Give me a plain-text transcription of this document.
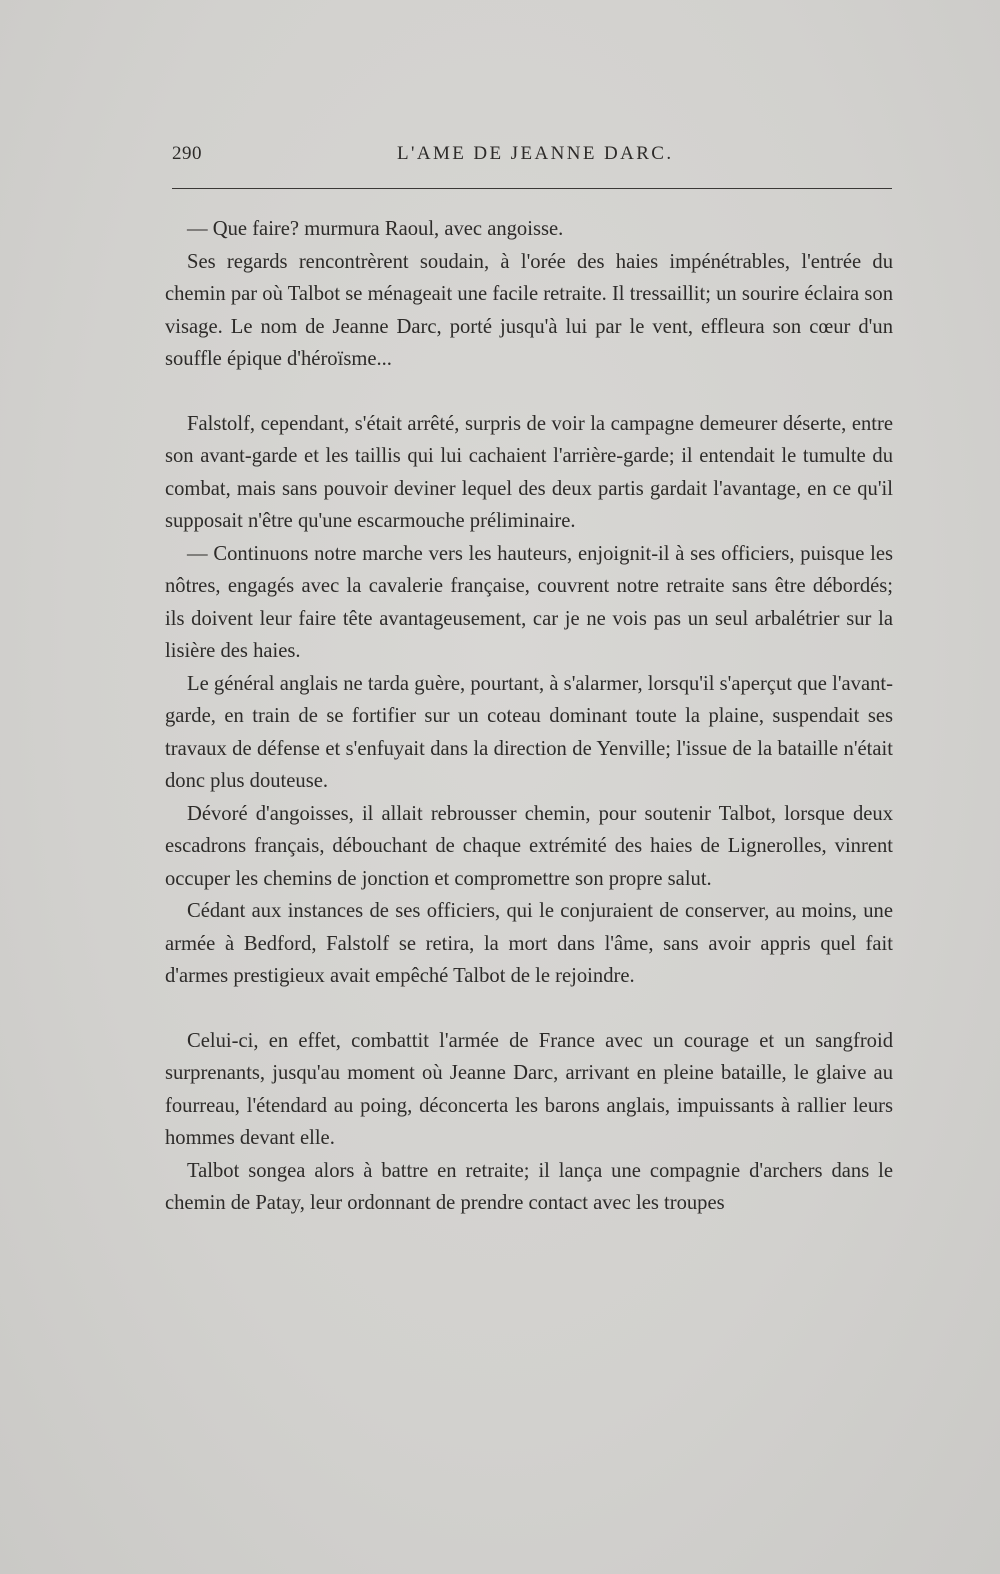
290	L'AME DE JEANNE DARC.

— Que faire? murmura Raoul, avec angoisse.

Ses regards rencontrèrent soudain, à l'orée des haies impénétrables, l'entrée du chemin par où Talbot se ménageait une facile retraite. Il tressaillit; un sourire éclaira son visage. Le nom de Jeanne Darc, porté jusqu'à lui par le vent, effleura son cœur d'un souffle épique d'héroïsme...

Falstolf, cependant, s'était arrêté, surpris de voir la campagne demeurer déserte, entre son avant-garde et les taillis qui lui cachaient l'arrière-garde; il entendait le tumulte du combat, mais sans pouvoir deviner lequel des deux partis gardait l'avantage, en ce qu'il supposait n'être qu'une escarmouche préliminaire.

— Continuons notre marche vers les hauteurs, enjoignit-il à ses officiers, puisque les nôtres, engagés avec la cavalerie française, couvrent notre retraite sans être débordés; ils doivent leur faire tête avantageusement, car je ne vois pas un seul arbalétrier sur la lisière des haies.

Le général anglais ne tarda guère, pourtant, à s'alarmer, lorsqu'il s'aperçut que l'avant-garde, en train de se fortifier sur un coteau dominant toute la plaine, suspendait ses travaux de défense et s'enfuyait dans la direction de Yenville; l'issue de la bataille n'était donc plus douteuse.

Dévoré d'angoisses, il allait rebrousser chemin, pour soutenir Talbot, lorsque deux escadrons français, débouchant de chaque extrémité des haies de Lignerolles, vinrent occuper les chemins de jonction et compromettre son propre salut.

Cédant aux instances de ses officiers, qui le conjuraient de conserver, au moins, une armée à Bedford, Falstolf se retira, la mort dans l'âme, sans avoir appris quel fait d'armes prestigieux avait empêché Talbot de le rejoindre.

Celui-ci, en effet, combattit l'armée de France avec un courage et un sangfroid surprenants, jusqu'au moment où Jeanne Darc, arrivant en pleine bataille, le glaive au fourreau, l'étendard au poing, déconcerta les barons anglais, impuissants à rallier leurs hommes devant elle.

Talbot songea alors à battre en retraite; il lança une compagnie d'archers dans le chemin de Patay, leur ordonnant de prendre contact avec les troupes
